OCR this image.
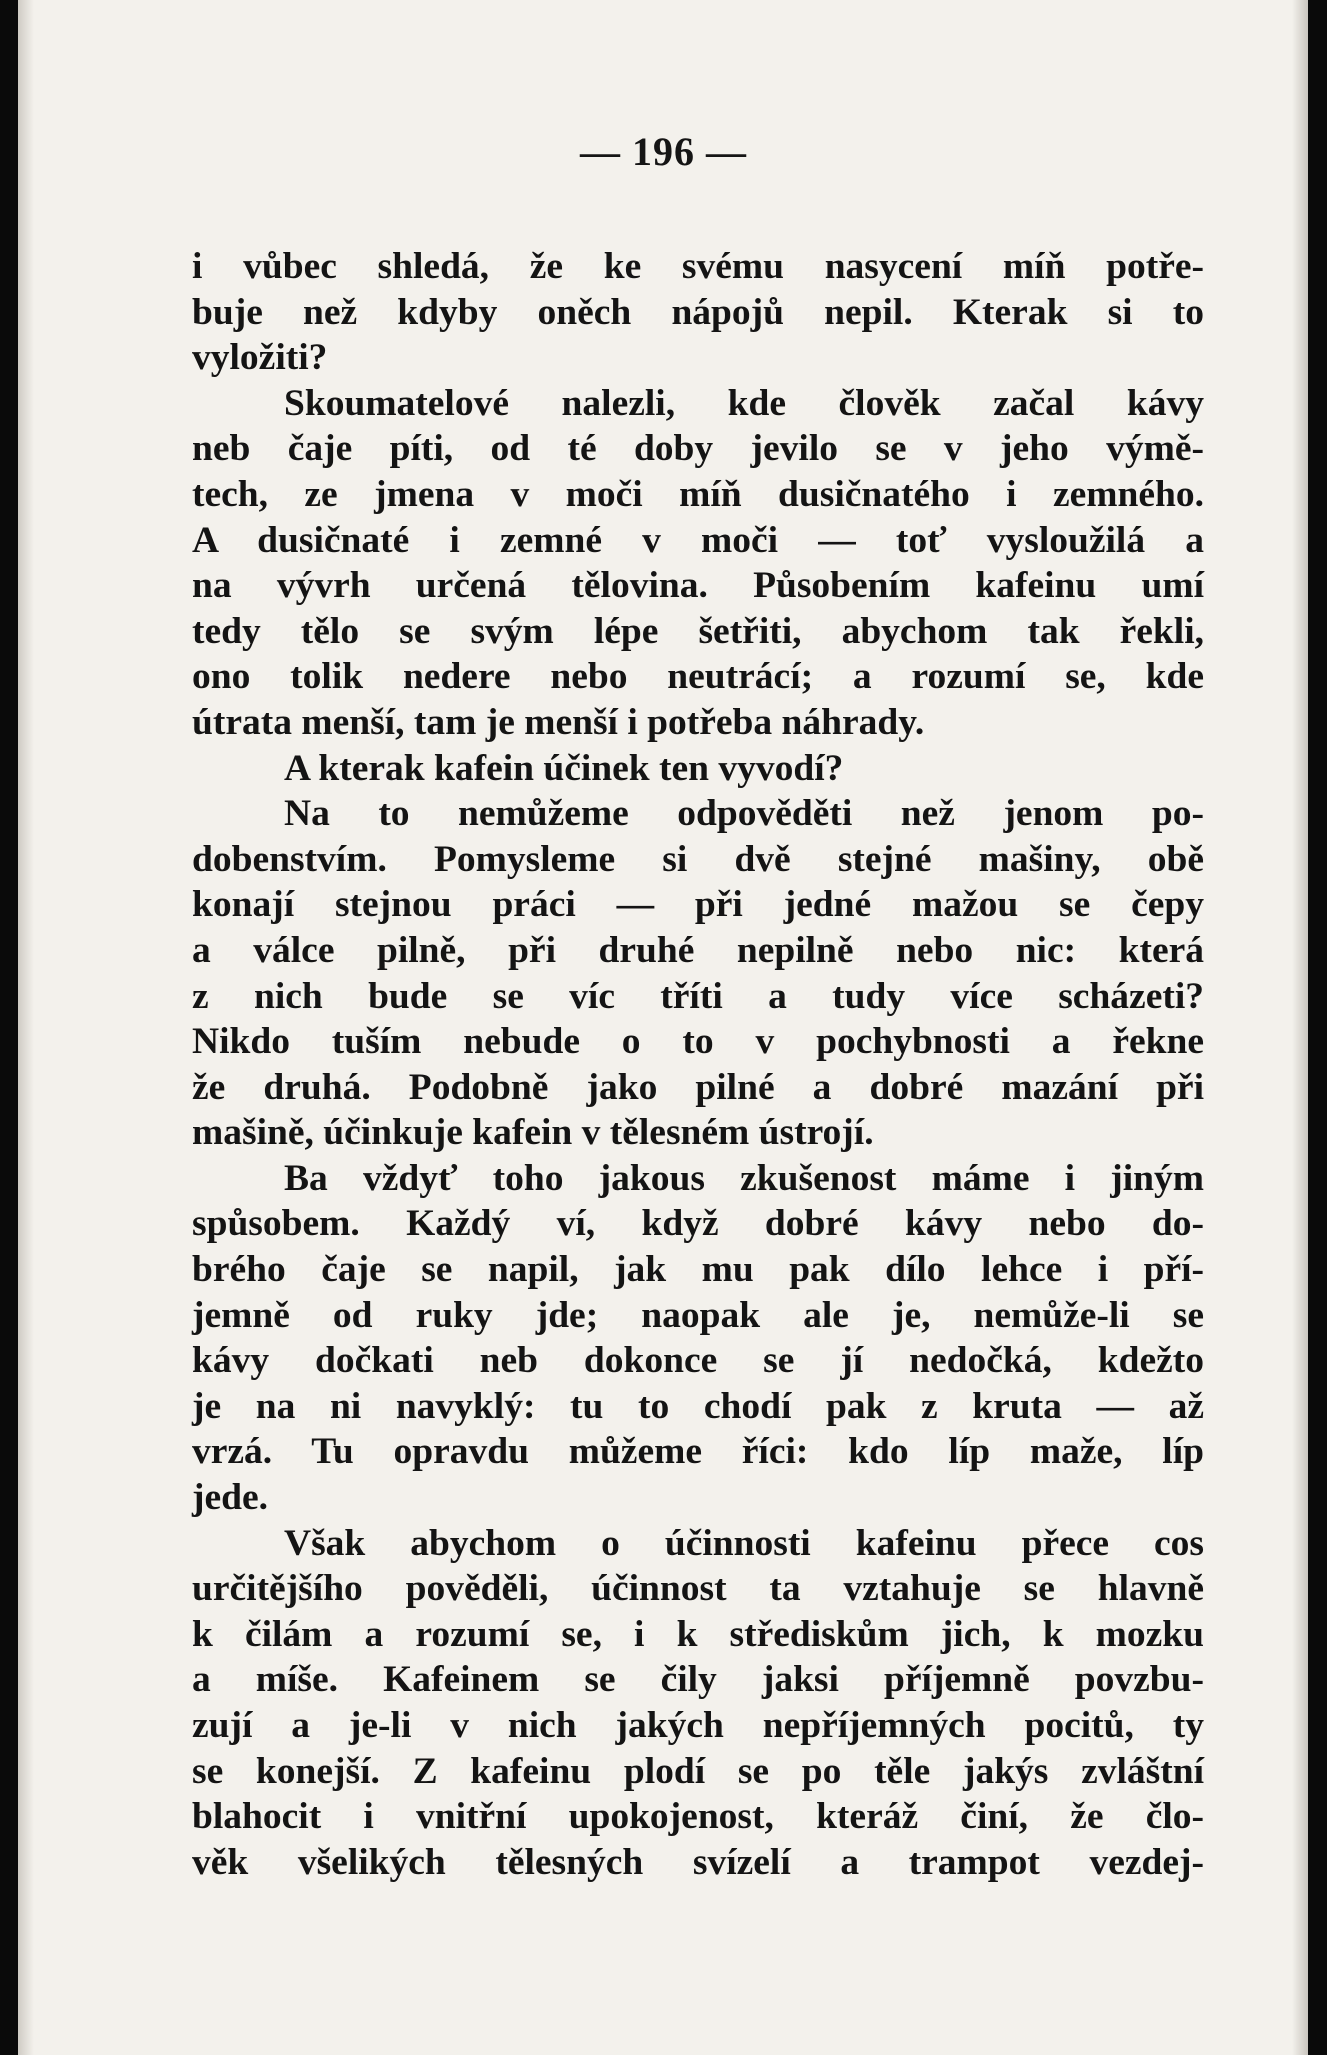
— 196 —
i vůbec shledá, že ke svému nasycení míň potře-
buje než kdyby oněch nápojů nepil. Kterak si to
vyložiti?
Skoumatelové nalezli, kde člověk začal kávy
neb čaje píti, od té doby jevilo se v jeho výmě-
tech, ze jmena v moči míň dusičnatého i zemného.
A dusičnaté i zemné v moči — toť vysloužilá a
na vývrh určená tělovina. Působením kafeinu umí
tedy tělo se svým lépe šetřiti, abychom tak řekli,
ono tolik nedere nebo neutrácí; a rozumí se, kde
útrata menší, tam je menší i potřeba náhrady.
A kterak kafein účinek ten vyvodí?
Na to nemůžeme odpověděti než jenom po-
dobenstvím. Pomysleme si dvě stejné mašiny, obě
konají stejnou práci — při jedné mažou se čepy
a válce pilně, při druhé nepilně nebo nic: která
z nich bude se víc tříti a tudy více scházeti?
Nikdo tuším nebude o to v pochybnosti a řekne
že druhá. Podobně jako pilné a dobré mazání při
mašině, účinkuje kafein v tělesném ústrojí.
Ba vždyť toho jakous zkušenost máme i jiným
spůsobem. Každý ví, když dobré kávy nebo do-
brého čaje se napil, jak mu pak dílo lehce i pří-
jemně od ruky jde; naopak ale je, nemůže-li se
kávy dočkati neb dokonce se jí nedočká, kdežto
je na ni navyklý: tu to chodí pak z kruta — až
vrzá. Tu opravdu můžeme říci: kdo líp maže, líp
jede.
Však abychom o účinnosti kafeinu přece cos
určitějšího pověděli, účinnost ta vztahuje se hlavně
k čilám a rozumí se, i k střediskům jich, k mozku
a míše. Kafeinem se čily jaksi příjemně povzbu-
zují a je-li v nich jakých nepříjemných pocitů, ty
se konejší. Z kafeinu plodí se po těle jakýs zvláštní
blahocit i vnitřní upokojenost, kteráž činí, že člo-
věk všelikých tělesných svízelí a trampot vezdej-
